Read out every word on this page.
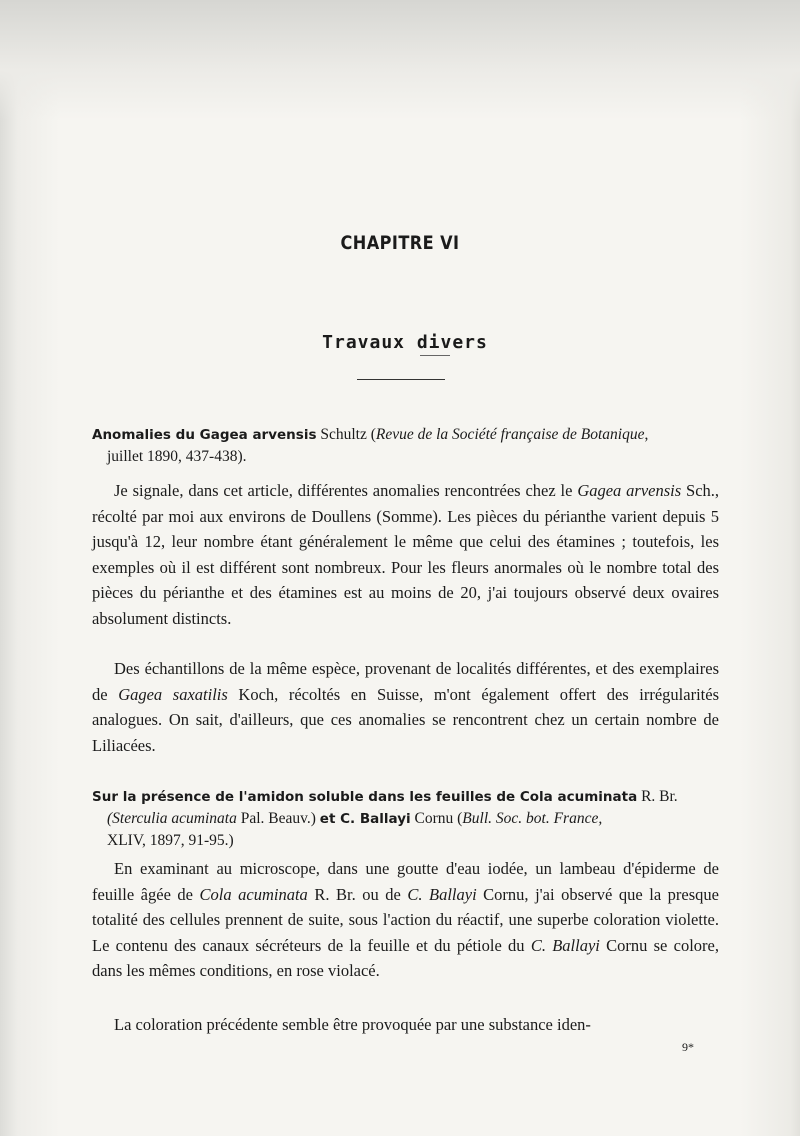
CHAPITRE VI
Travaux divers
Anomalies du Gagea arvensis Schultz (Revue de la Société française de Botanique,
juillet 1890, 437-438).

Je signale, dans cet article, différentes anomalies rencontrées chez le Gagea arvensis Sch., récolté par moi aux environs de Doullens (Somme). Les pièces du périanthe varient depuis 5 jusqu'à 12, leur nombre étant généralement le même que celui des étamines ; toutefois, les exemples où il est différent sont nombreux. Pour les fleurs anormales où le nombre total des pièces du périanthe et des étamines est au moins de 20, j'ai toujours observé deux ovaires absolument distincts.

Des échantillons de la même espèce, provenant de localités différentes, et des exemplaires de Gagea saxatilis Koch, récoltés en Suisse, m'ont également offert des irrégularités analogues. On sait, d'ailleurs, que ces anomalies se rencontrent chez un certain nombre de Liliacées.

Sur la présence de l'amidon soluble dans les feuilles de Cola acuminata R. Br.
(Sterculia acuminata Pal. Beauv.) et C. Ballayi Cornu (Bull. Soc. bot. France,
XLIV, 1897, 91-95.)

En examinant au microscope, dans une goutte d'eau iodée, un lambeau d'épiderme de feuille âgée de Cola acuminata R. Br. ou de C. Ballayi Cornu, j'ai observé que la presque totalité des cellules prennent de suite, sous l'action du réactif, une superbe coloration violette. Le contenu des canaux sécréteurs de la feuille et du pétiole du C. Ballayi Cornu se colore, dans les mêmes conditions, en rose violacé.

La coloration précédente semble être provoquée par une substance iden-

9*
